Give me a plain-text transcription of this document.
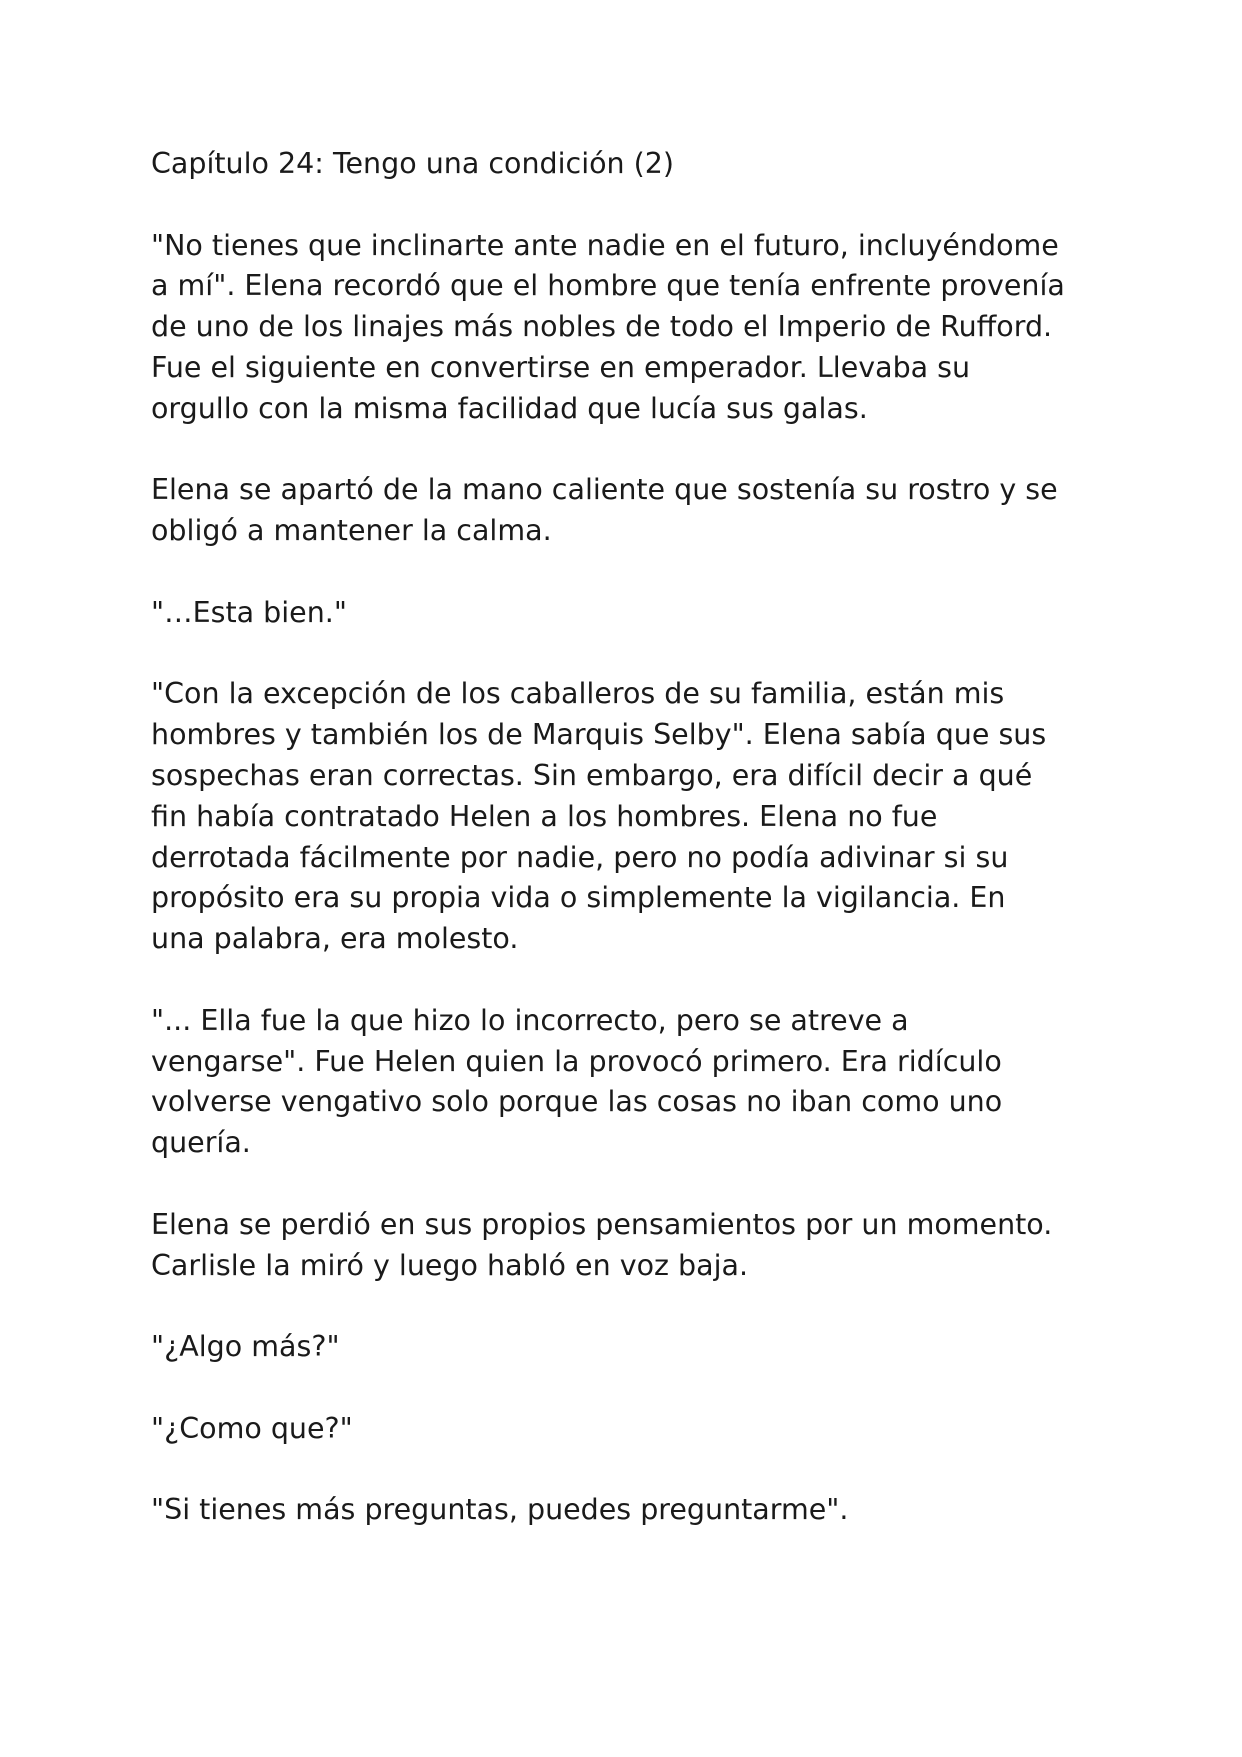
Capítulo 24: Tengo una condición (2)

"No tienes que inclinarte ante nadie en el futuro, incluyéndome
a mí". Elena recordó que el hombre que tenía enfrente provenía
de uno de los linajes más nobles de todo el Imperio de Rufford.
Fue el siguiente en convertirse en emperador. Llevaba su
orgullo con la misma facilidad que lucía sus galas.

Elena se apartó de la mano caliente que sostenía su rostro y se
obligó a mantener la calma.

"…Esta bien."

"Con la excepción de los caballeros de su familia, están mis
hombres y también los de Marquis Selby". Elena sabía que sus
sospechas eran correctas. Sin embargo, era difícil decir a qué
fin había contratado Helen a los hombres. Elena no fue
derrotada fácilmente por nadie, pero no podía adivinar si su
propósito era su propia vida o simplemente la vigilancia. En
una palabra, era molesto.

"... Ella fue la que hizo lo incorrecto, pero se atreve a
vengarse". Fue Helen quien la provocó primero. Era ridículo
volverse vengativo solo porque las cosas no iban como uno
quería.

Elena se perdió en sus propios pensamientos por un momento.
Carlisle la miró y luego habló en voz baja.

"¿Algo más?"

"¿Como que?"

"Si tienes más preguntas, puedes preguntarme".
